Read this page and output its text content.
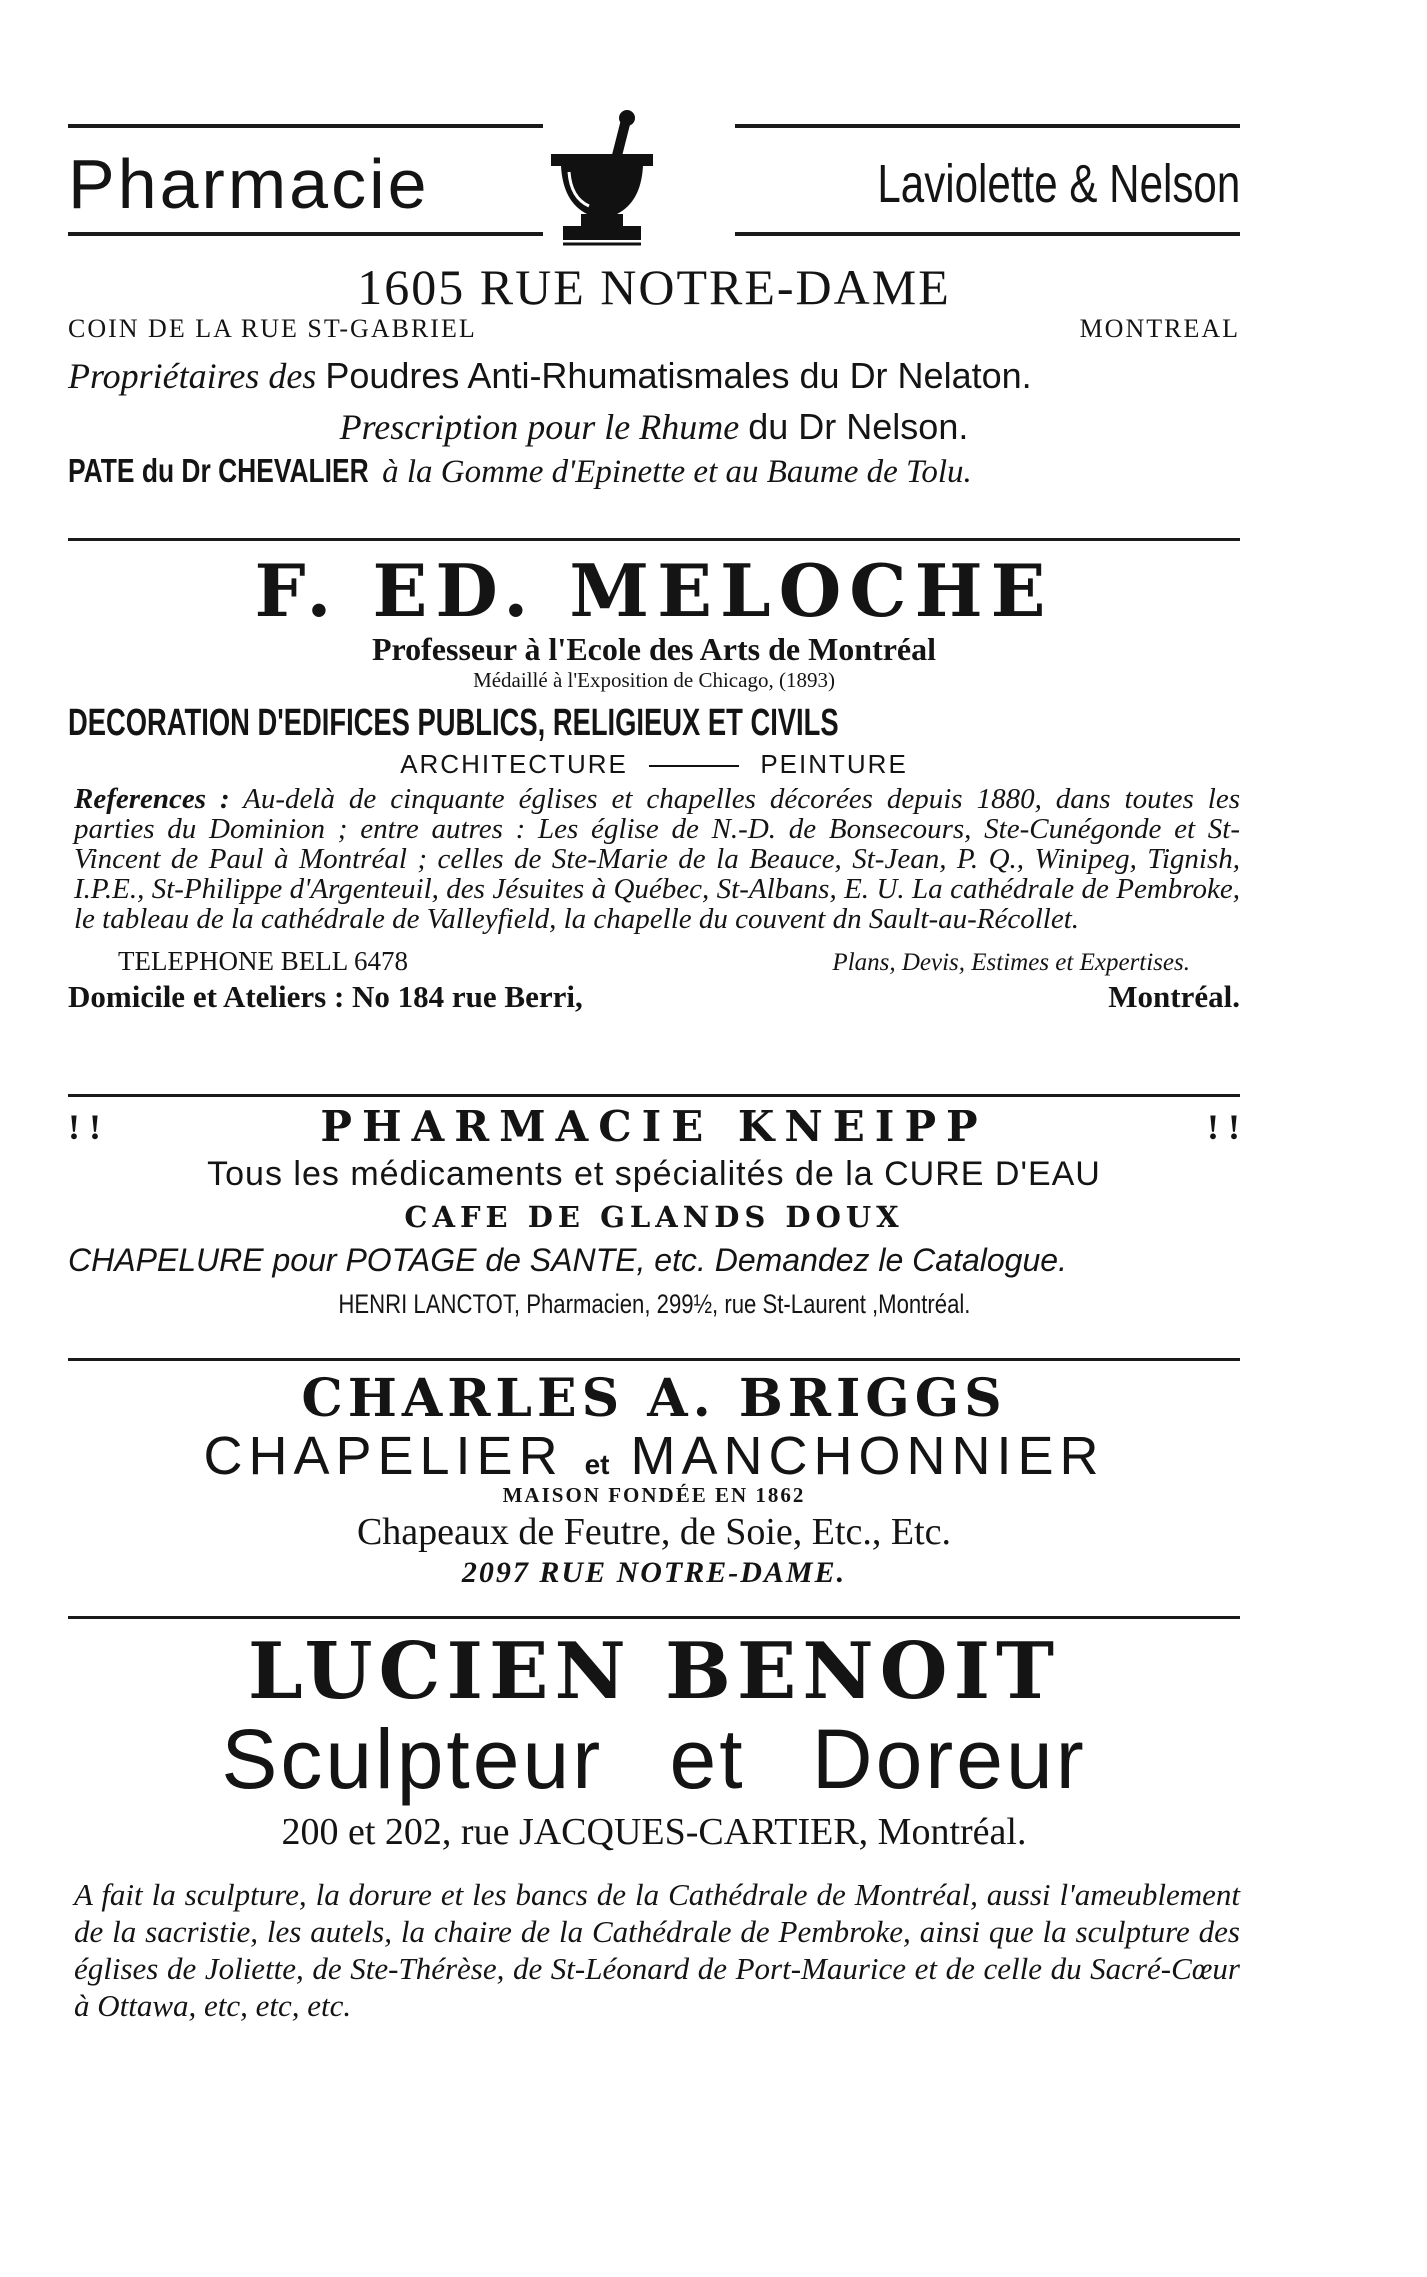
Pharmacie	Laviolette & Nelson
1605 RUE NOTRE-DAME
COIN DE LA RUE ST-GABRIEL	MONTREAL
Propriétaires des Poudres Anti-Rhumatismales du Dr Nelaton.
Prescription pour le Rhume du Dr Nelson.
PATE du Dr CHEVALIER à la Gomme d'Epinette et au Baume de Tolu.
F. ED. MELOCHE
Professeur à l'Ecole des Arts de Montréal
Médaillé à l'Exposition de Chicago, (1893)
DECORATION D'EDIFICES PUBLICS, RELIGIEUX ET CIVILS
ARCHITECTURE	PEINTURE
References : Au-delà de cinquante églises et chapelles décorées depuis 1880, dans toutes les parties du Dominion ; entre autres : Les église de N.-D. de Bonsecours, Ste-Cunégonde et St-Vincent de Paul à Montréal ; celles de Ste-Marie de la Beauce, St-Jean, P. Q., Winipeg, Tignish, I.P.E., St-Philippe d'Argenteuil, des Jésuites à Québec, St-Albans, E. U. La cathédrale de Pembroke, le tableau de la cathédrale de Valleyfield, la chapelle du couvent dn Sault-au-Récollet.
TELEPHONE BELL 6478	Plans, Devis, Estimes et Expertises.
Domicile et Ateliers : No 184 rue Berri,	Montréal.
! !	PHARMACIE KNEIPP	! !
Tous les médicaments et spécialités de la CURE D'EAU
CAFE DE GLANDS DOUX
CHAPELURE pour POTAGE de SANTE, etc. Demandez le Catalogue.
HENRI LANCTOT, Pharmacien, 299½, rue St-Laurent ,Montréal.
CHARLES A. BRIGGS
CHAPELIER et MANCHONNIER
MAISON FONDÉE EN 1862
Chapeaux de Feutre, de Soie, Etc., Etc.
2097 RUE NOTRE-DAME.
LUCIEN BENOIT
Sculpteur et Doreur
200 et 202, rue JACQUES-CARTIER, Montréal.
A fait la sculpture, la dorure et les bancs de la Cathédrale de Montréal, aussi l'ameublement de la sacristie, les autels, la chaire de la Cathédrale de Pembroke, ainsi que la sculpture des églises de Joliette, de Ste-Thérèse, de St-Léonard de Port-Maurice et de celle du Sacré-Cœur à Ottawa, etc, etc, etc.
